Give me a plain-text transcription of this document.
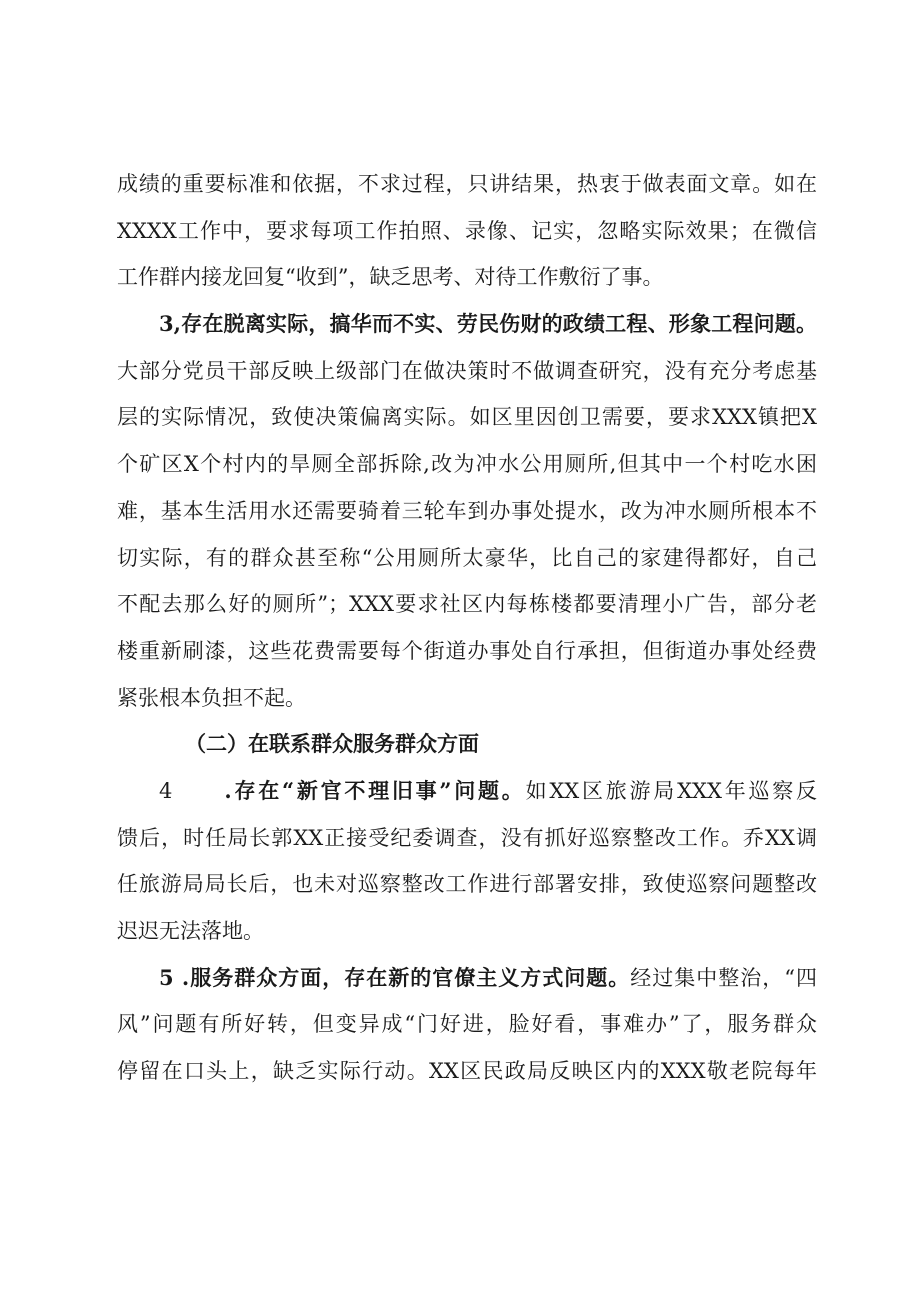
成绩的重要标准和依据，不求过程，只讲结果，热衷于做表面文章。如在
XXXX工作中，要求每项工作拍照、录像、记实，忽略实际效果；在微信
工作群内接龙回复“收到”，缺乏思考、对待工作敷衍了事。
3,存在脱离实际，搞华而不实、劳民伤财的政绩工程、形象工程问题。
大部分党员干部反映上级部门在做决策时不做调查研究，没有充分考虑基
层的实际情况，致使决策偏离实际。如区里因创卫需要，要求XXX镇把X
个矿区X个村内的旱厕全部拆除,改为冲水公用厕所,但其中一个村吃水困
难，基本生活用水还需要骑着三轮车到办事处提水，改为冲水厕所根本不
切实际，有的群众甚至称“公用厕所太豪华，比自己的家建得都好，自己
不配去那么好的厕所”；XXX要求社区内每栋楼都要清理小广告，部分老
楼重新刷漆，这些花费需要每个街道办事处自行承担，但街道办事处经费
紧张根本负担不起。
（二）在联系群众服务群众方面
4 .存在“新官不理旧事”问题。如XX区旅游局XXX年巡察反
馈后，时任局长郭XX正接受纪委调查，没有抓好巡察整改工作。乔XX调
任旅游局局长后，也未对巡察整改工作进行部署安排，致使巡察问题整改
迟迟无法落地。
5 .服务群众方面，存在新的官僚主义方式问题。经过集中整治，“四
风”问题有所好转，但变异成“门好进，脸好看，事难办”了，服务群众
停留在口头上，缺乏实际行动。XX区民政局反映区内的XXX敬老院每年
